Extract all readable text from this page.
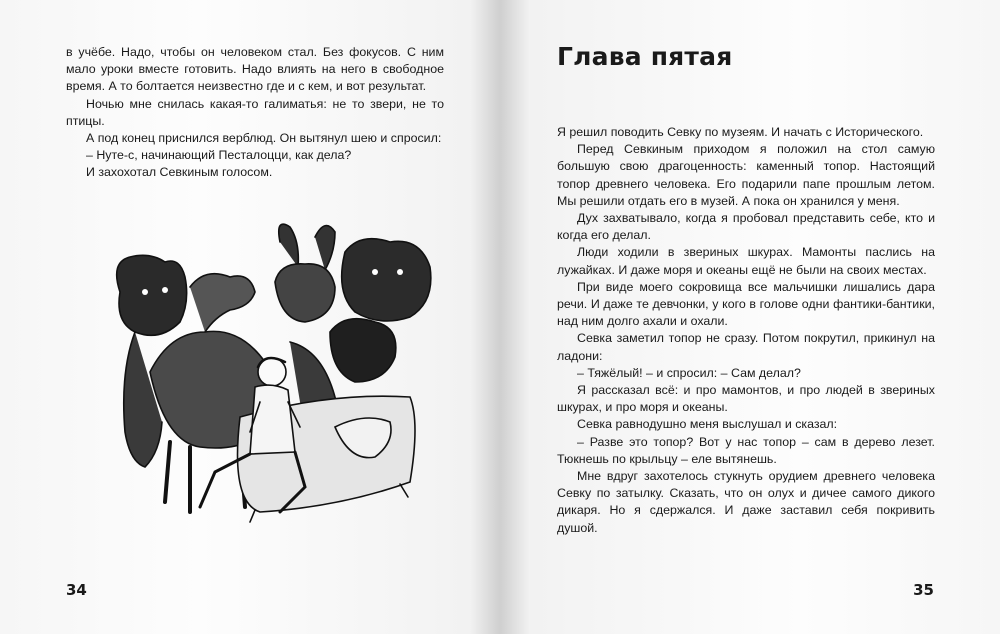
в учёбе. Надо, чтобы он человеком стал. Без фокусов. С ним мало уроки вместе готовить. Надо влиять на него в свободное время. А то болтается неизвестно где и с кем, и вот результат.

Ночью мне снилась какая-то галиматья: не то звери, не то птицы.

А под конец приснился верблюд. Он вытянул шею и спросил:

– Нуте-с, начинающий Песталоцци, как дела?

И захохотал Севкиным голосом.

34
Глава пятая

Я решил поводить Севку по музеям. И начать с Исторического.

Перед Севкиным приходом я положил на стол самую большую свою драгоценность: каменный топор. Настоящий топор древнего человека. Его подарили папе прошлым летом. Мы решили отдать его в музей. А пока он хранился у меня.

Дух захватывало, когда я пробовал представить себе, кто и когда его делал.

Люди ходили в звериных шкурах. Мамонты паслись на лужайках. И даже моря и океаны ещё не были на своих местах.

При виде моего сокровища все мальчишки лишались дара речи. И даже те девчонки, у кого в голове одни фантики-бантики, над ним долго ахали и охали.

Севка заметил топор не сразу. Потом покрутил, прикинул на ладони:

– Тяжёлый! – и спросил: – Сам делал?

Я рассказал всё: и про мамонтов, и про людей в звериных шкурах, и про моря и океаны.

Севка равнодушно меня выслушал и сказал:

– Разве это топор? Вот у нас топор – сам в дерево лезет. Тюкнешь по крыльцу – еле вытянешь.

Мне вдруг захотелось стукнуть орудием древнего человека Севку по затылку. Сказать, что он олух и дичее самого дикого дикаря. Но я сдержался. И даже заставил себя покривить душой.

35
